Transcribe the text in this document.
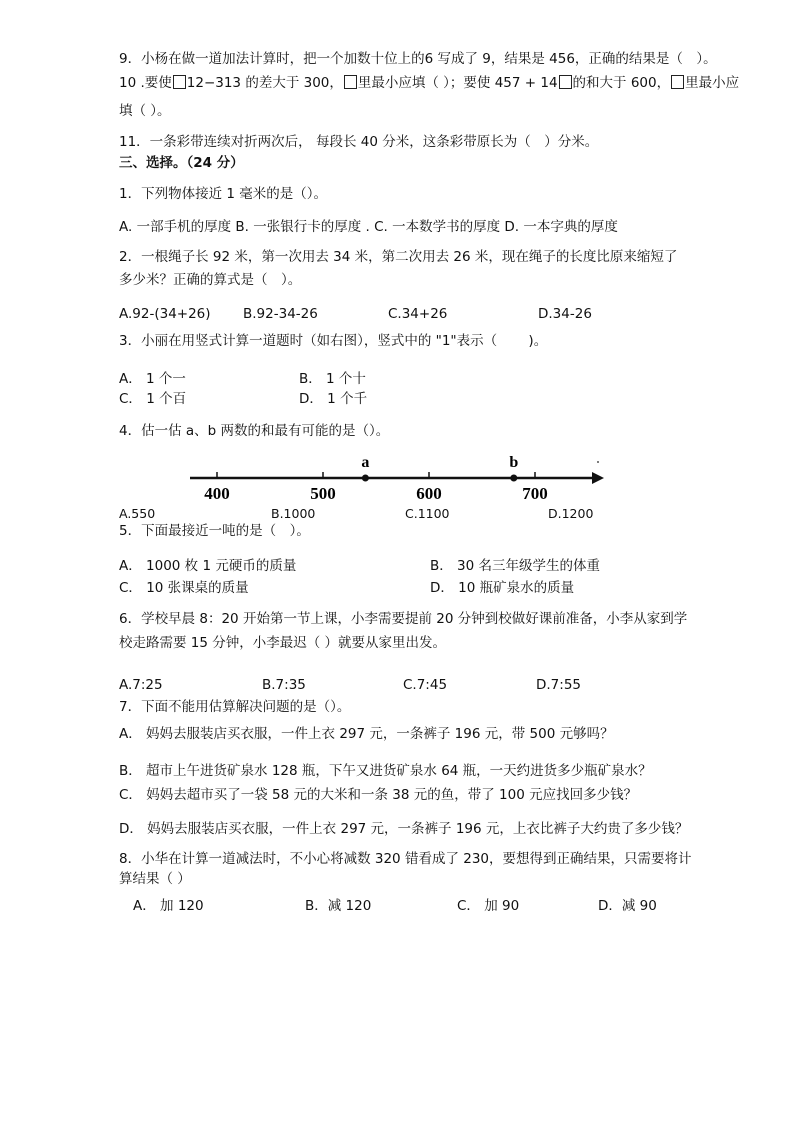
9．小杨在做一道加法计算时，把一个加数十位上的6 写成了 9，结果是 456，正确的结果是（　）。
10 .要使 12−313 的差大于 300， 里最小应填（ ）；要使 457 + 14 的和大于 600， 里最小应
填（ ）。
11．一条彩带连续对折两次后， 每段长 40 分米，这条彩带原长为（　）分米。
三、选择。（24 分）
1．下列物体接近 1 毫米的是（）。
A. 一部手机的厚度 B. 一张银行卡的厚度 . C. 一本数学书的厚度 D. 一本字典的厚度
2．一根绳子长 92 米，第一次用去 34 米，第二次用去 26 米，现在绳子的长度比原来缩短了
多少米？正确的算式是（　）。
A.92-(34+26) B.92-34-26	C.34+26	D.34-26
3．小丽在用竖式计算一道题时（如右图），竖式中的 "1"表示（　　 )。
A． 1 个一	B． 1 个十
C． 1 个百	D． 1 个千
4．估一估 a、b 两数的和最有可能的是（）。
400	500	600	700
a	b
A.550	B.1000	C.1100	D.1200
5．下面最接近一吨的是（　）。
A． 1000 枚 1 元硬币的质量	B． 30 名三年级学生的体重
C． 10 张课桌的质量	D． 10 瓶矿泉水的质量
6．学校早晨 8：20 开始第一节上课，小李需要提前 20 分钟到校做好课前准备，小李从家到学
校走路需要 15 分钟，小李最迟（ ）就要从家里出发。
A.7:25	B.7:35	C.7:45	D.7:55
7．下面不能用估算解决问题的是（）。
A． 妈妈去服装店买衣服，一件上衣 297 元，一条裤子 196 元，带 500 元够吗？
B． 超市上午进货矿泉水 128 瓶，下午又进货矿泉水 64 瓶，一天约进货多少瓶矿泉水？
C． 妈妈去超市买了一袋 58 元的大米和一条 38 元的鱼，带了 100 元应找回多少钱？
D． 妈妈去服装店买衣服，一件上衣 297 元，一条裤子 196 元，上衣比裤子大约贵了多少钱？
8．小华在计算一道减法时，不小心将减数 320 错看成了 230，要想得到正确结果，只需要将计
算结果（ ）
A． 加 120	B．减 120	C． 加 90	D．减 90
